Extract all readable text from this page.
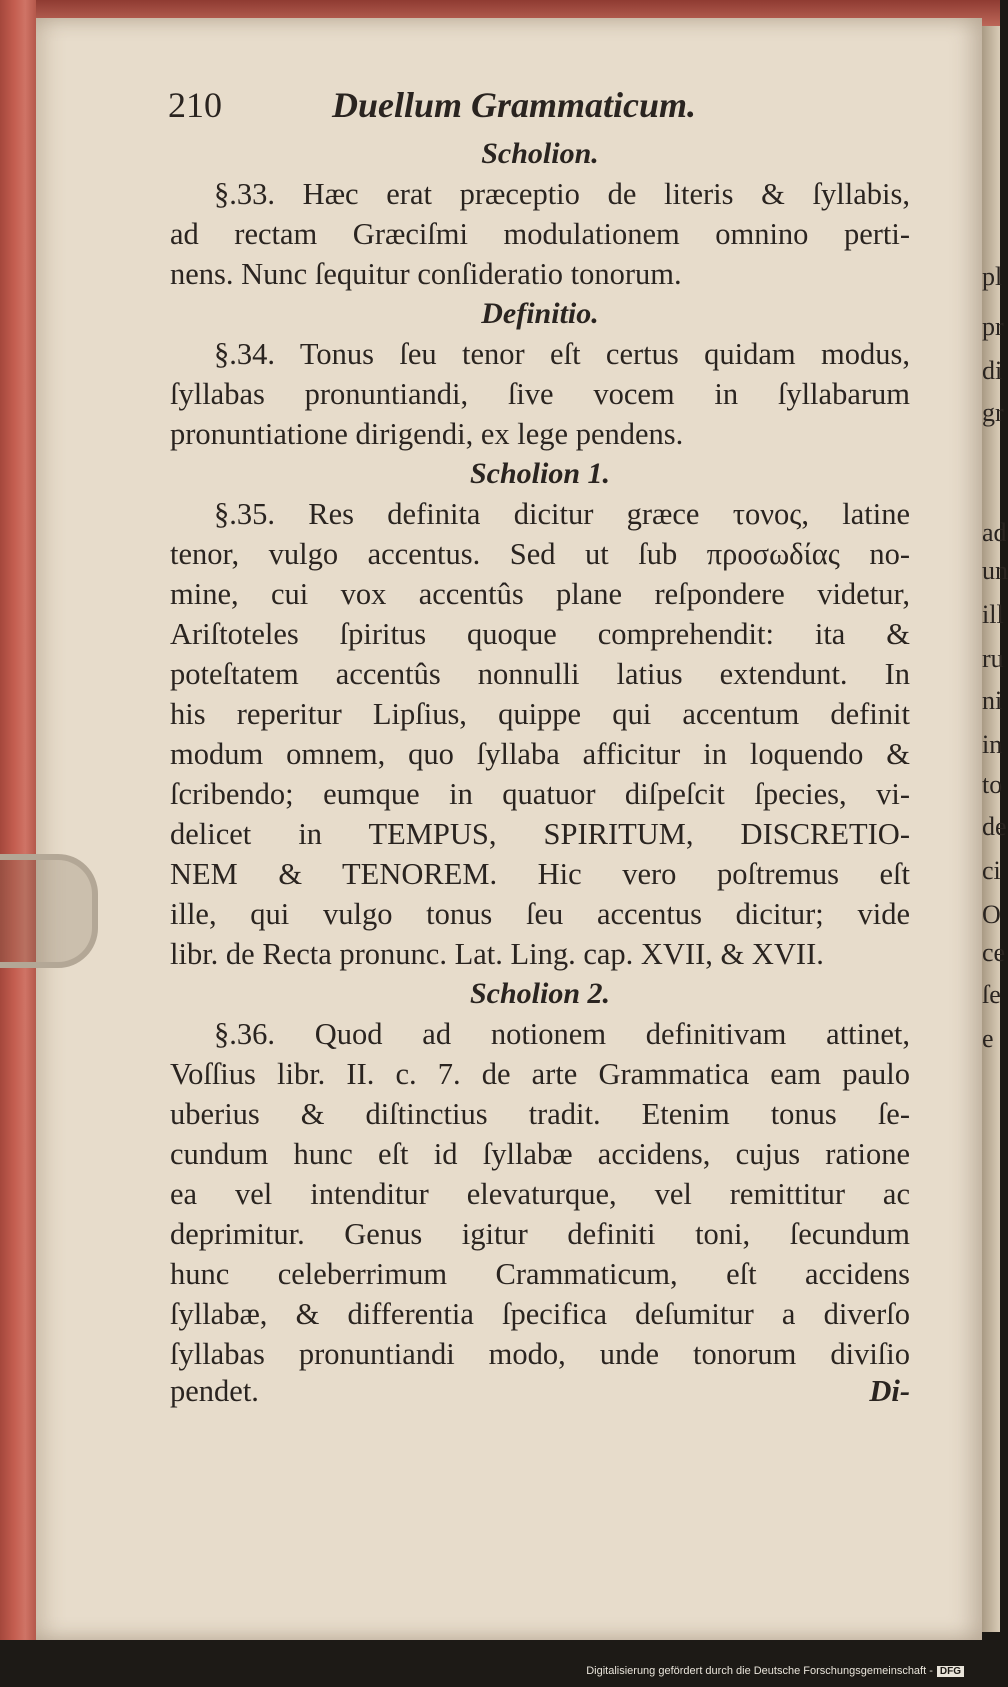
pl
pr
di
gr
ad
un
ill
ru
ni
in
to
de
ci
O
ce
ſe
e
210	Duellum Grammaticum.

Scholion.

§.33. Hæc erat præceptio de literis & ſyllabis,
ad rectam Græciſmi modulationem omnino perti-
nens. Nunc ſequitur conſideratio tonorum.

Definitio.

§.34. Tonus ſeu tenor eſt certus quidam modus,
ſyllabas pronuntiandi, ſive vocem in ſyllabarum
pronuntiatione dirigendi, ex lege pendens.

Scholion 1.

§.35. Res definita dicitur græce τονος, latine
tenor, vulgo accentus. Sed ut ſub προσωδίας no-
mine, cui vox accentûs plane reſpondere videtur,
Ariſtoteles ſpiritus quoque comprehendit: ita &
poteſtatem accentûs nonnulli latius extendunt. In
his reperitur Lipſius, quippe qui accentum definit
modum omnem, quo ſyllaba afficitur in loquendo &
ſcribendo; eumque in quatuor diſpeſcit ſpecies, vi-
delicet in TEMPUS, SPIRITUM, DISCRETIO-
NEM & TENOREM. Hic vero poſtremus eſt
ille, qui vulgo tonus ſeu accentus dicitur; vide
libr. de Recta pronunc. Lat. Ling. cap. XVII, & XVII.

Scholion 2.

§.36. Quod ad notionem definitivam attinet,
Voſſius libr. II. c. 7. de arte Grammatica eam paulo
uberius & diſtinctius tradit. Etenim tonus ſe-
cundum hunc eſt id ſyllabæ accidens, cujus ratione
ea vel intenditur elevaturque, vel remittitur ac
deprimitur. Genus igitur definiti toni, ſecundum
hunc celeberrimum Crammaticum, eſt accidens
ſyllabæ, & differentia ſpecifica deſumitur a diverſo
ſyllabas pronuntiandi modo, unde tonorum diviſio
pendet.	Di-
Digitalisierung gefördert durch die Deutsche Forschungsgemeinschaft - DFG
